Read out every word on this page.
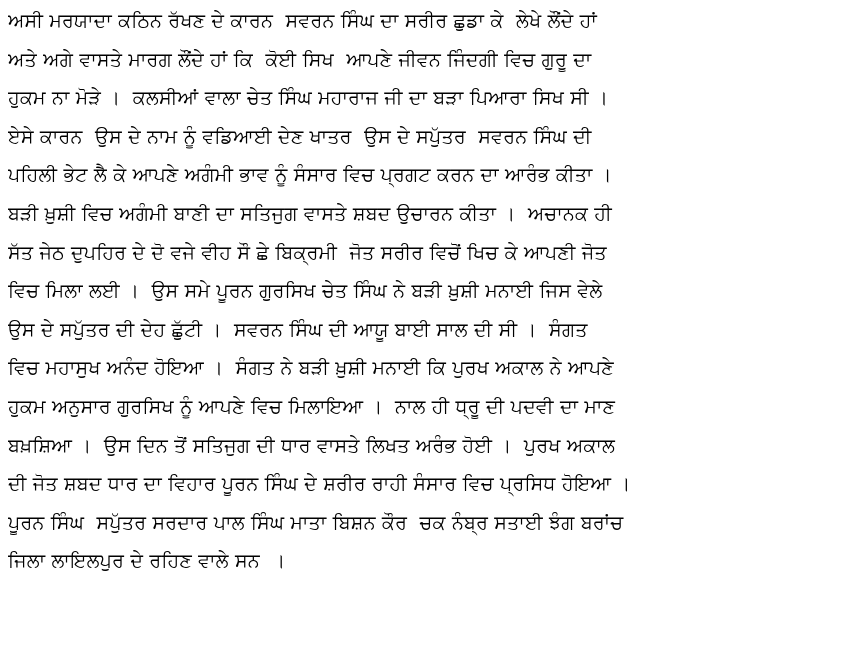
ਅਸੀ ਮਰਯਾਦਾ ਕਠਿਨ ਰੱਖਣ ਦੇ ਕਾਰਨ  ਸਵਰਨ ਸਿੰਘ ਦਾ ਸਰੀਰ ਛੁਡਾ ਕੇ  ਲੇਖੇ ਲੌਂਦੇ ਹਾਂ
ਅਤੇ ਅਗੇ ਵਾਸਤੇ ਮਾਰਗ ਲੌਂਦੇ ਹਾਂ ਕਿ  ਕੋਈ ਸਿਖ  ਆਪਣੇ ਜੀਵਨ ਜਿੰਦਗੀ ਵਿਚ ਗੁਰੂ ਦਾ
ਹੁਕਮ ਨਾ ਮੋੜੇ ।  ਕਲਸੀਆਂ ਵਾਲਾ ਚੇਤ ਸਿੰਘ ਮਹਾਰਾਜ ਜੀ ਦਾ ਬੜਾ ਪਿਆਰਾ ਸਿਖ ਸੀ ।
ਏਸੇ ਕਾਰਨ  ਉਸ ਦੇ ਨਾਮ ਨੂੰ ਵਡਿਆਈ ਦੇਣ ਖਾਤਰ  ਉਸ ਦੇ ਸਪੁੱਤਰ  ਸਵਰਨ ਸਿੰਘ ਦੀ
ਪਹਿਲੀ ਭੇਟ ਲੈ ਕੇ ਆਪਣੇ ਅਗੰਮੀ ਭਾਵ ਨੂੰ ਸੰਸਾਰ ਵਿਚ ਪ੍ਰਗਟ ਕਰਨ ਦਾ ਆਰੰਭ ਕੀਤਾ ।
ਬੜੀ ਖ਼ੁਸ਼ੀ ਵਿਚ ਅਗੰਮੀ ਬਾਣੀ ਦਾ ਸਤਿਜੁਗ ਵਾਸਤੇ ਸ਼ਬਦ ਉਚਾਰਨ ਕੀਤਾ ।  ਅਚਾਨਕ ਹੀ
ਸੱਤ ਜੇਠ ਦੁਪਹਿਰ ਦੇ ਦੋ ਵਜੇ ਵੀਹ ਸੌ ਛੇ ਬਿਕ੍ਰਮੀ  ਜੋਤ ਸਰੀਰ ਵਿਚੋਂ ਖਿਚ ਕੇ ਆਪਣੀ ਜੋਤ
ਵਿਚ ਮਿਲਾ ਲਈ ।  ਉਸ ਸਮੇ ਪੂਰਨ ਗੁਰਸਿਖ ਚੇਤ ਸਿੰਘ ਨੇ ਬੜੀ ਖ਼ੁਸ਼ੀ ਮਨਾਈ ਜਿਸ ਵੇਲੇ
ਉਸ ਦੇ ਸਪੁੱਤਰ ਦੀ ਦੇਹ ਛੁੱਟੀ ।  ਸਵਰਨ ਸਿੰਘ ਦੀ ਆਯੂ ਬਾਈ ਸਾਲ ਦੀ ਸੀ ।  ਸੰਗਤ
ਵਿਚ ਮਹਾਸੁਖ ਅਨੰਦ ਹੋਇਆ ।  ਸੰਗਤ ਨੇ ਬੜੀ ਖ਼ੁਸ਼ੀ ਮਨਾਈ ਕਿ ਪੁਰਖ ਅਕਾਲ ਨੇ ਆਪਣੇ
ਹੁਕਮ ਅਨੁਸਾਰ ਗੁਰਸਿਖ ਨੂੰ ਆਪਣੇ ਵਿਚ ਮਿਲਾਇਆ ।  ਨਾਲ ਹੀ ਧ੍ਰੂ ਦੀ ਪਦਵੀ ਦਾ ਮਾਣ
ਬਖ਼ਸ਼ਿਆ ।  ਉਸ ਦਿਨ ਤੋਂ ਸਤਿਜੁਗ ਦੀ ਧਾਰ ਵਾਸਤੇ ਲਿਖਤ ਅਰੰਭ ਹੋਈ ।  ਪੁਰਖ ਅਕਾਲ
ਦੀ ਜੋਤ ਸ਼ਬਦ ਧਾਰ ਦਾ ਵਿਹਾਰ ਪੂਰਨ ਸਿੰਘ ਦੇ ਸ਼ਰੀਰ ਰਾਹੀ ਸੰਸਾਰ ਵਿਚ ਪ੍ਰਸਿਧ ਹੋਇਆ ।
ਪੂਰਨ ਸਿੰਘ  ਸਪੁੱਤਰ ਸਰਦਾਰ ਪਾਲ ਸਿੰਘ ਮਾਤਾ ਬਿਸ਼ਨ ਕੌਰ  ਚਕ ਨੰਬ੍ਰ ਸਤਾਈ ਝੰਗ ਬਰਾਂਚ
ਜਿਲਾ ਲਾਇਲਪੁਰ ਦੇ ਰਹਿਣ ਵਾਲੇ ਸਨ  ।
